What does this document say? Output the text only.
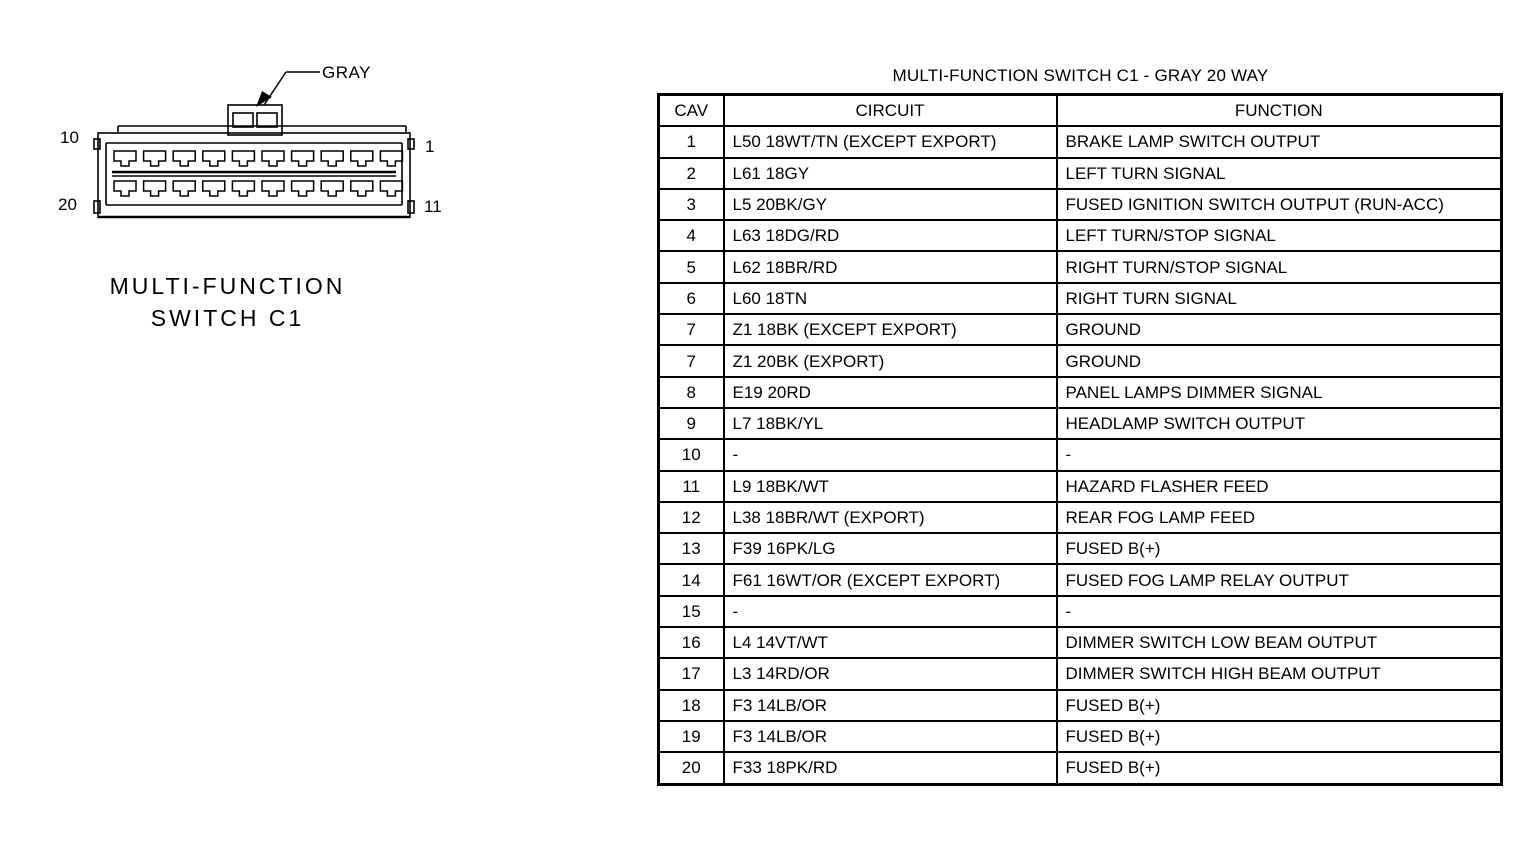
GRAY
10	1
20	11
MULTI-FUNCTION
SWITCH C1
MULTI-FUNCTION SWITCH C1 - GRAY 20 WAY
CAV	CIRCUIT	FUNCTION
1	L50 18WT/TN (EXCEPT EXPORT)	BRAKE LAMP SWITCH OUTPUT
2	L61 18GY	LEFT TURN SIGNAL
3	L5 20BK/GY	FUSED IGNITION SWITCH OUTPUT (RUN-ACC)
4	L63 18DG/RD	LEFT TURN/STOP SIGNAL
5	L62 18BR/RD	RIGHT TURN/STOP SIGNAL
6	L60 18TN	RIGHT TURN SIGNAL
7	Z1 18BK (EXCEPT EXPORT)	GROUND
7	Z1 20BK (EXPORT)	GROUND
8	E19 20RD	PANEL LAMPS DIMMER SIGNAL
9	L7 18BK/YL	HEADLAMP SWITCH OUTPUT
10	-	-
11	L9 18BK/WT	HAZARD FLASHER FEED
12	L38 18BR/WT (EXPORT)	REAR FOG LAMP FEED
13	F39 16PK/LG	FUSED B(+)
14	F61 16WT/OR (EXCEPT EXPORT)	FUSED FOG LAMP RELAY OUTPUT
15	-	-
16	L4 14VT/WT	DIMMER SWITCH LOW BEAM OUTPUT
17	L3 14RD/OR	DIMMER SWITCH HIGH BEAM OUTPUT
18	F3 14LB/OR	FUSED B(+)
19	F3 14LB/OR	FUSED B(+)
20	F33 18PK/RD	FUSED B(+)
